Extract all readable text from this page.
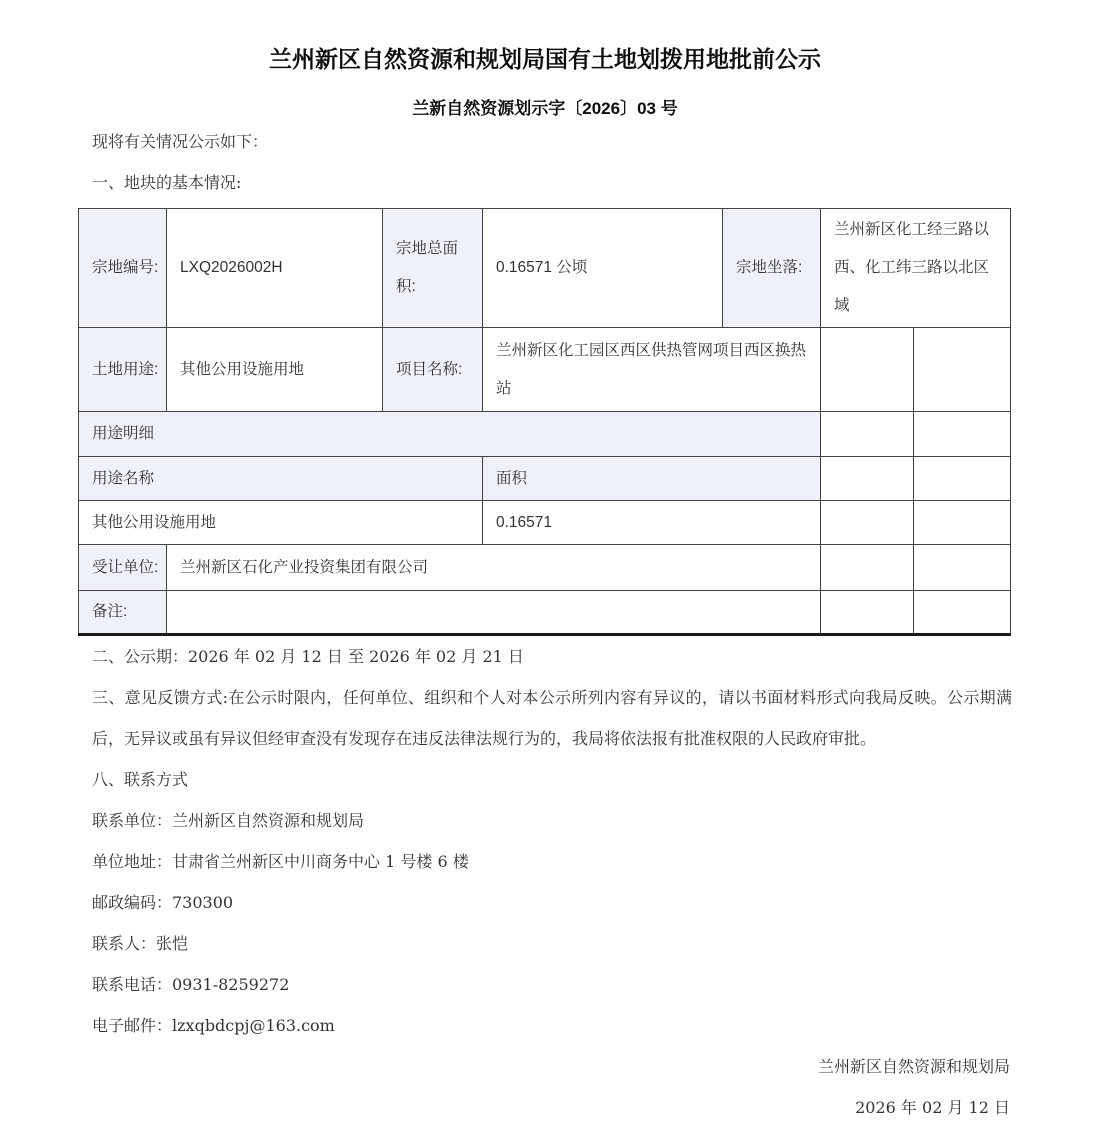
兰州新区自然资源和规划局国有土地划拨用地批前公示
兰新自然资源划示字〔2026〕03 号

现将有关情况公示如下：

一、地块的基本情况:

宗地编号:	LXQ2026002H	宗地总面积:	0.16571 公顷	宗地坐落:	兰州新区化工经三路以西、化工纬三路以北区域	
土地用途:	其他公用设施用地	项目名称:	兰州新区化工园区西区供热管网项目西区换热站			
用途明细						
用途名称			面积			
其他公用设施用地			0.16571			
受让单位:	兰州新区石化产业投资集团有限公司					
备注:						

二、公示期：2026 年 02 月 12 日 至 2026 年 02 月 21 日

三、意见反馈方式:在公示时限内，任何单位、组织和个人对本公示所列内容有异议的，请以书面材料形式向我局反映。公示期满后，无异议或虽有异议但经审查没有发现存在违反法律法规行为的，我局将依法报有批准权限的人民政府审批。

八、联系方式

联系单位：兰州新区自然资源和规划局

单位地址：甘肃省兰州新区中川商务中心 1 号楼 6 楼

邮政编码：730300

联系人：张恺

联系电话：0931-8259272

电子邮件：lzxqbdcpj@163.com

兰州新区自然资源和规划局

2026 年 02 月 12 日
